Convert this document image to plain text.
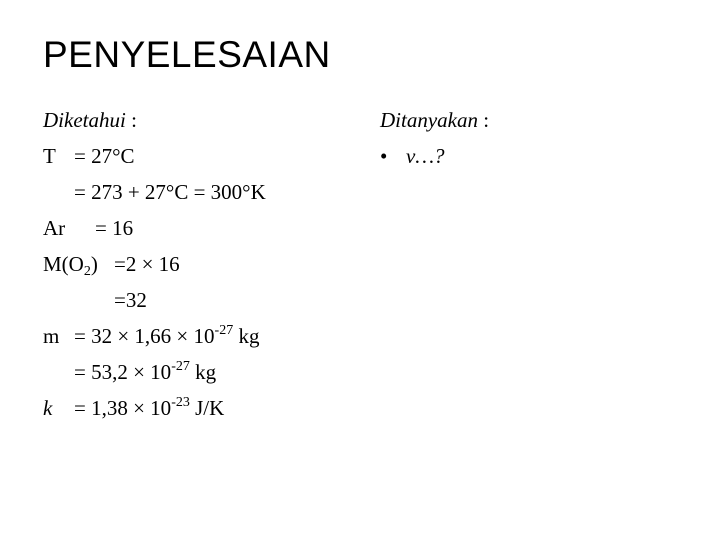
PENYELESAIAN
Diketahui :
T = 27°C
= 273 + 27°C = 300°K
Ar = 16
$M(O_2) =2 \times 16$
=32
$m = 32 \times 1,66 \times 10^{-27}$ kg
= $53,2 \times 10^{-27}$ kg
$k = 1,38 \times 10^{-23}$ J/K
Ditanyakan :
• v…?
